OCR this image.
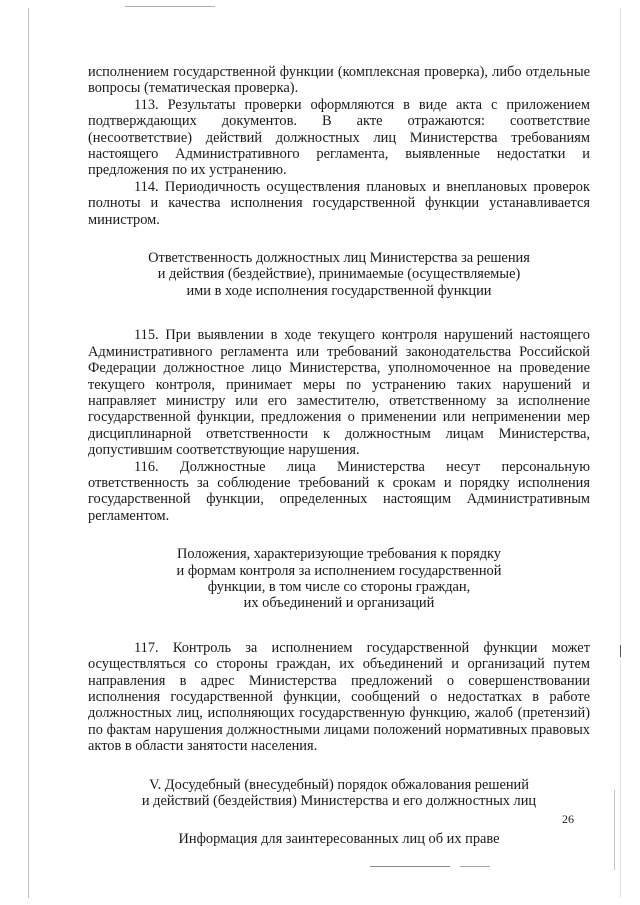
исполнением государственной функции (комплексная проверка), либо отдельные вопросы (тематическая проверка).

113. Результаты проверки оформляются в виде акта с приложением подтверждающих документов. В акте отражаются: соответствие (несоответствие) действий должностных лиц Министерства требованиям настоящего Административного регламента, выявленные недостатки и предложения по их устранению.

114. Периодичность осуществления плановых и внеплановых проверок полноты и качества исполнения государственной функции устанавливается министром.

Ответственность должностных лиц Министерства за решения

и действия (бездействие), принимаемые (осуществляемые)

ими в ходе исполнения государственной функции

115. При выявлении в ходе текущего контроля нарушений настоящего Административного регламента или требований законодательства Российской Федерации должностное лицо Министерства, уполномоченное на проведение текущего контроля, принимает меры по устранению таких нарушений и направляет министру или его заместителю, ответственному за исполнение государственной функции, предложения о применении или неприменении мер дисциплинарной ответственности к должностным лицам Министерства, допустившим соответствующие нарушения.

116. Должностные лица Министерства несут персональную ответственность за соблюдение требований к срокам и порядку исполнения государственной функции, определенных настоящим Административным регламентом.

Положения, характеризующие требования к порядку

и формам контроля за исполнением государственной

функции, в том числе со стороны граждан,

их объединений и организаций

117. Контроль за исполнением государственной функции может осуществляться со стороны граждан, их объединений и организаций путем направления в адрес Министерства предложений о совершенствовании исполнения государственной функции, сообщений о недостатках в работе должностных лиц, исполняющих государственную функцию, жалоб (претензий) по фактам нарушения должностными лицами положений нормативных правовых актов в области занятости населения.

V. Досудебный (внесудебный) порядок обжалования решений

и действий (бездействия) Министерства и его должностных лиц

Информация для заинтересованных лиц об их праве

26
